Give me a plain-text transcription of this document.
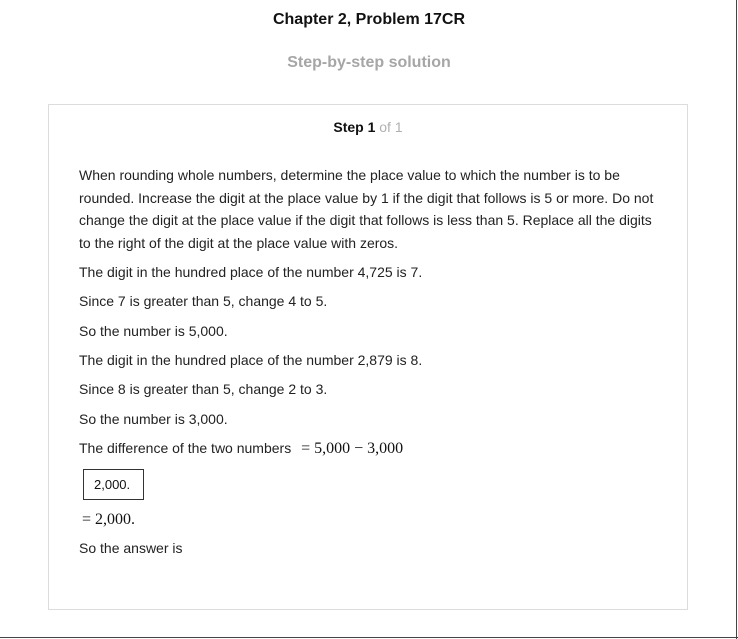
Chapter 2, Problem 17CR
Step-by-step solution
Step 1 of 1

When rounding whole numbers, determine the place value to which the number is to be rounded. Increase the digit at the place value by 1 if the digit that follows is 5 or more. Do not change the digit at the place value if the digit that follows is less than 5. Replace all the digits to the right of the digit at the place value with zeros.

The digit in the hundred place of the number 4,725 is 7.

Since 7 is greater than 5, change 4 to 5.

So the number is 5,000.

The digit in the hundred place of the number 2,879 is 8.

Since 8 is greater than 5, change 2 to 3.

So the number is 3,000.

The difference of the two numbers = 5,000 − 3,000

2,000.

= 2,000.

So the answer is
